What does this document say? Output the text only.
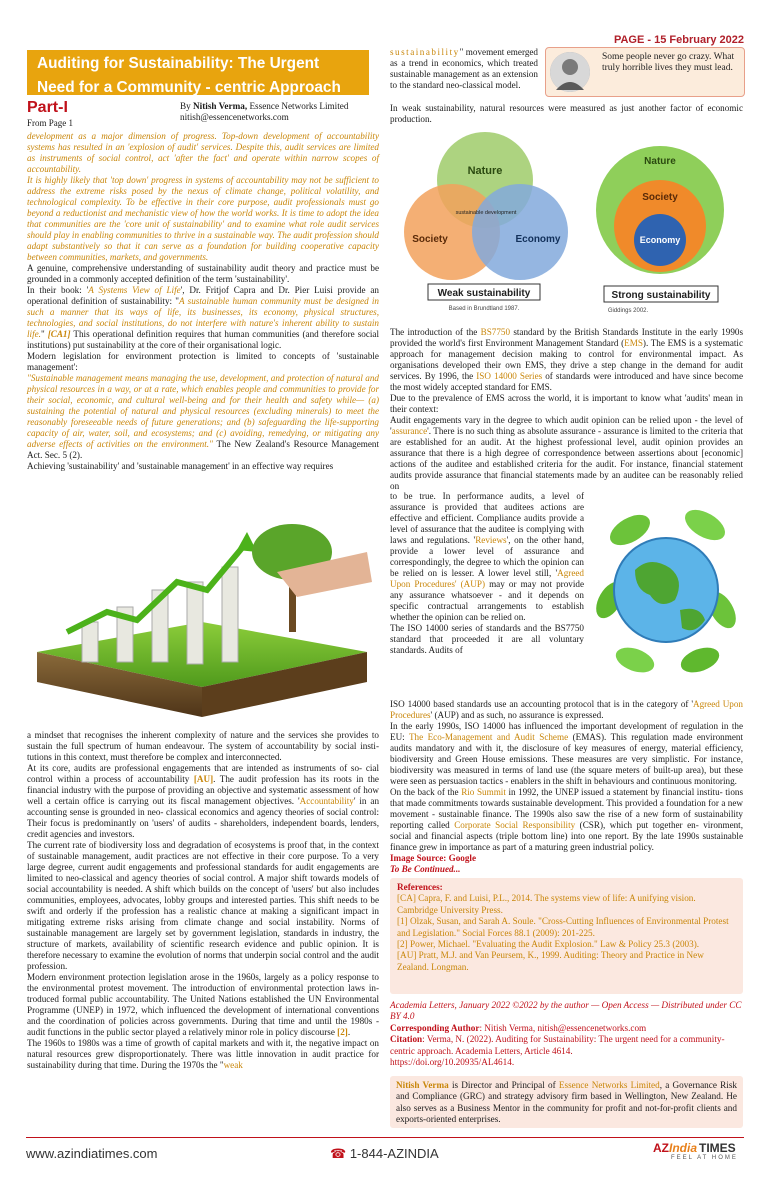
PAGE - 15 February 2022
Auditing for Sustainability: The Urgent
Need for a Community - centric Approach
Some people never go crazy. What truly horrible lives they must lead.
Part-I
From Page 1
By Nitish Verma, Essence Networks Limited
nitish@essencenetworks.com

development as a major dimension of progress. Top-down development of accountability systems has resulted in an 'explosion of audit' services. Despite this, audit services are limited as instruments of social control, act 'after the fact' and operate within narrow scopes of accountability.

It is highly likely that 'top down' progress in systems of accountability may not be sufficient to address the extreme risks posed by the nexus of climate change, political volatility, and technological complexity. To be effective in their core purpose, audit professionals must go beyond a reductionist and mechanistic view of how the world works. It is time to adopt the idea that communities are the 'core unit of sustainability' and to examine what role audit services should play in enabling communities to thrive in a sustainable way. The audit profession should adapt substantively so that it can serve as a foundation for building cooperative capacity between communities, markets, and governments.

A genuine, comprehensive understanding of sustainability audit theory and practice must be grounded in a commonly accepted definition of the term 'sustainability'.

In their book: 'A Systems View of Life', Dr. Fritjof Capra and Dr. Pier Luisi provide an operational definition of sustainability: "A sustainable human community must be designed in such a manner that its ways of life, its businesses, its economy, physical structures, technologies, and social institutions, do not interfere with nature's inherent ability to sustain life." [CA1] This operational definition requires that human communities (and therefore social institutions) put sustainability at the core of their organisational logic.

Modern legislation for environment protection is limited to concepts of 'sustainable management':

"Sustainable management means managing the use, development, and protection of natural and physical resources in a way, or at a rate, which enables people and communities to provide for their social, economic, and cultural well-being and for their health and safety while— (a) sustaining the potential of natural and physical resources (excluding minerals) to meet the reasonably foreseeable needs of future generations; and (b) safeguarding the life-supporting capacity of air, water, soil, and ecosystems; and (c) avoiding, remedying, or mitigating any adverse effects of activities on the environment." The New Zealand's Resource Management Act. Sec. 5 (2).

Achieving 'sustainability' and 'sustainable management' in an effective way requires

a mindset that recognises the inherent complexity of nature and the services she provides to sustain the full spectrum of human endeavour. The system of accountability by social insti- tutions in this context, must therefore be complex and interconnected.

At its core, audits are professional engagements that are intended as instruments of so- cial control within a process of accountability [AU]. The audit profession has its roots in the financial industry with the purpose of providing an objective and systematic assessment of how well a certain office is carrying out its fiscal management objectives. 'Accountability' in an accounting sense is grounded in neo- classical economics and agency theories of social control: Their focus is predominantly on 'users' of audits - shareholders, independent boards, lenders, credit agencies and investors.

The current rate of biodiversity loss and degradation of ecosystems is proof that, in the context of sustainable management, audit practices are not effective in their core purpose. To a very large degree, current audit engagements and professional standards for audit engagements are limited to neo-classical and agency theories of social control. A major shift towards models of social accountability is needed. A shift which builds on the concept of 'users' but also includes communities, employees, advocates, lobby groups and interested parties. This shift needs to be swift and orderly if the profession has a realistic chance at making a significant impact in mitigating extreme risks arising from climate change and social instability. Norms of sustainable management are largely set by government legislation, standards in industry, the structure of markets, availability of scientific research evidence and public opinion. It is therefore necessary to examine the evolution of norms that underpin social control and the audit profession.

Modern environment protection legislation arose in the 1960s, largely as a policy response to the environmental protest movement. The introduction of environmental protection laws in- troduced formal public accountability. The United Nations established the UN Environmental Programme (UNEP) in 1972, which influenced the development of international conventions and the coordination of policies across governments. During that time and until the 1980s - audit functions in the public sector played a relatively minor role in policy discourse [2].

The 1960s to 1980s was a time of growth of capital markets and with it, the negative impact on natural resources grew disproportionately. There was little innovation in audit practice for sustainability during that time. During the 1970s the "weak

sustainability" movement emerged as a trend in economics, which treated sustainable management as an extension to the standard neo-classical model.

In weak sustainability, natural resources were measured as just another factor of economic production.

Nature
Society	Economy
sustainable development
Weak sustainability
Based in Brundtland 1987.
Nature
Society
Economy
Strong sustainability
Giddings 2002.

The introduction of the BS7750 standard by the British Standards Institute in the early 1990s provided the world's first Environment Management Standard (EMS). The EMS is a systematic approach for management decision making to control for environmental impact. As organisations developed their own EMS, they drive a step change in the demand for audit services. By 1996, the ISO 14000 Series of standards were introduced and have since become the most widely accepted standard for EMS.

Due to the prevalence of EMS across the world, it is important to know what 'audits' mean in their context:

Audit engagements vary in the degree to which audit opinion can be relied upon - the level of 'assurance'. There is no such thing as absolute assurance - assurance is limited to the criteria that are established for an audit. At the highest professional level, audit opinion provides an assurance that there is a high degree of correspondence between assertions about [economic] actions of the auditee and established criteria for the audit. For instance, financial statement audits provide assurance that financial statements made by an auditee can be reasonably relied on

to be true. In performance audits, a level of assurance is provided that auditees actions are effective and efficient. Compliance audits provide a level of assurance that the auditee is complying with laws and regulations. 'Reviews', on the other hand, provide a lower level of assurance and correspondingly, the degree to which the opinion can be relied on is lesser. A lower level still, 'Agreed Upon Procedures' (AUP) may or may not provide any assurance whatsoever - and it depends on specific contractual arrangements to establish whether the opinion can be relied on.

The ISO 14000 series of standards and the BS7750 standard that proceeded it are all voluntary standards. Audits of

ISO 14000 based standards use an accounting protocol that is in the category of 'Agreed Upon Procedures' (AUP) and as such, no assurance is expressed.

In the early 1990s, ISO 14000 has influenced the important development of regulation in the EU: The Eco-Management and Audit Scheme (EMAS). This regulation made environment audits mandatory and with it, the disclosure of key measures of energy, material efficiency, biodiversity and Green House emissions. These measures are very simplistic. For instance, biodiversity was measured in terms of land use (the square meters of built-up area), but these were seen as persuasion tactics - enablers in the shift in behaviours and continuous monitoring.

On the back of the Rio Summit in 1992, the UNEP issued a statement by financial institu- tions that made commitments towards sustainable development. This provided a foundation for a new movement - sustainable finance. The 1990s also saw the rise of a new form of sustainability reporting called Corporate Social Responsibility (CSR), which put together en- vironment, social and financial aspects (triple bottom line) into one report. By the late 1990s sustainable finance grew in importance as part of a maturing green industrial policy.

Image Source: Google

To Be Continued...

References:

[CA] Capra, F. and Luisi, P.L., 2014. The systems view of life: A unifying vision. Cambridge University Press.

[1] Olzak, Susan, and Sarah A. Soule. "Cross-Cutting Influences of Environmental Protest and Legislation." Social Forces 88.1 (2009): 201-225.

[2] Power, Michael. "Evaluating the Audit Explosion." Law & Policy 25.3 (2003).

[AU] Pratt, M.J. and Van Peursem, K., 1999. Auditing: Theory and Practice in New Zealand. Longman.

Academia Letters, January 2022 ©2022 by the author — Open Access — Distributed under CC BY 4.0

Corresponding Author: Nitish Verma, nitish@essencenetworks.com

Citation: Verma, N. (2022). Auditing for Sustainability: The urgent need for a community-centric approach. Academia Letters, Article 4614.

https://doi.org/10.20935/AL4614.

Nitish Verma is Director and Principal of Essence Networks Limited, a Governance Risk and Compliance (GRC) and strategy advisory firm based in Wellington, New Zealand. He also serves as a Business Mentor in the community for profit and not-for-profit clients and exports-oriented enterprises.

www.azindiatimes.com	☎ 1-844-AZINDIA	AZIndia TIMES
FEEL AT HOME
